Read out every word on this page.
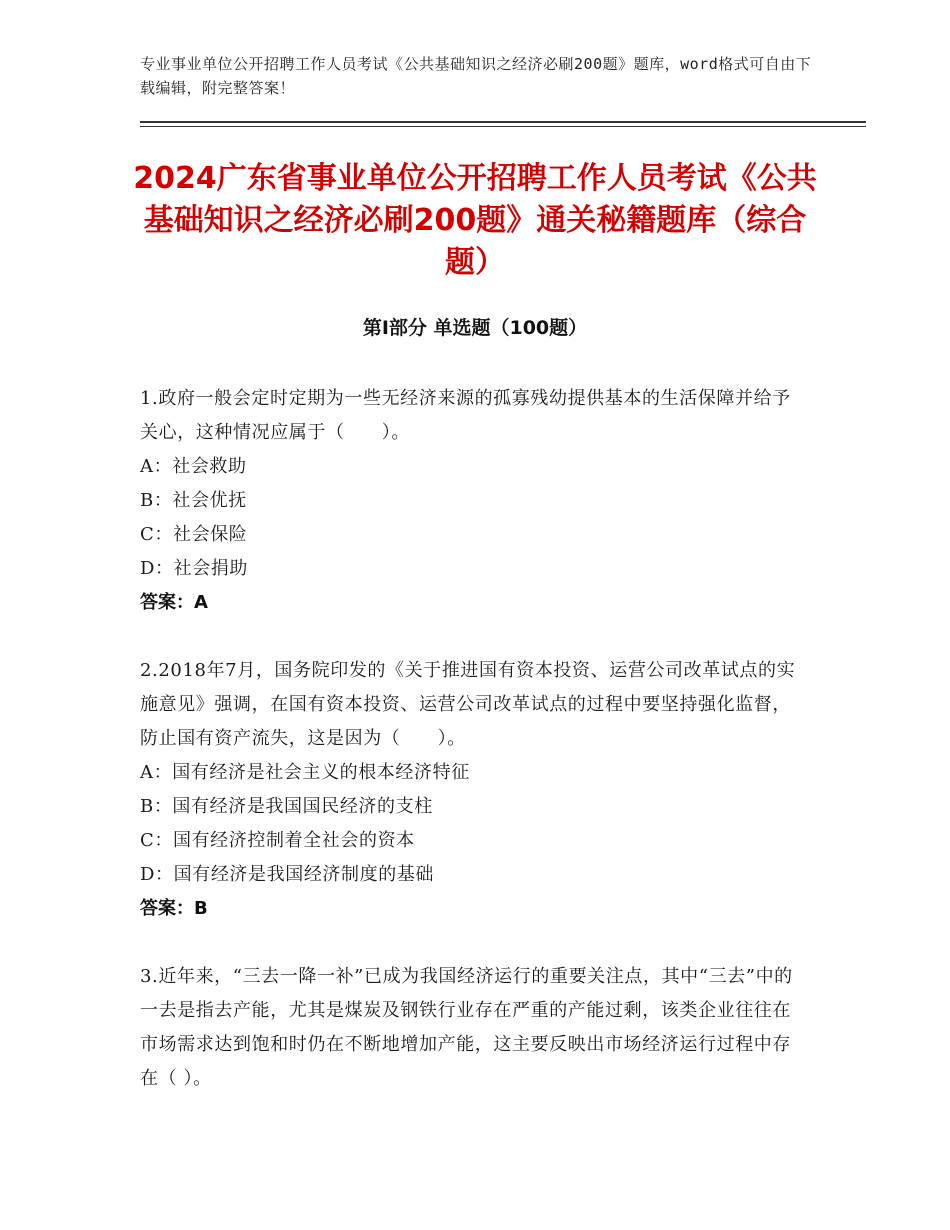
专业事业单位公开招聘工作人员考试《公共基础知识之经济必刷200题》题库，word格式可自由下载编辑，附完整答案！
2024广东省事业单位公开招聘工作人员考试《公共基础知识之经济必刷200题》通关秘籍题库（综合题）
第Ⅰ部分 单选题（100题）
1.政府一般会定时定期为一些无经济来源的孤寡残幼提供基本的生活保障并给予关心，这种情况应属于（　　）。
A：社会救助
B：社会优抚
C：社会保险
D：社会捐助
答案：A
2.2018年7月，国务院印发的《关于推进国有资本投资、运营公司改革试点的实施意见》强调，在国有资本投资、运营公司改革试点的过程中要坚持强化监督，防止国有资产流失，这是因为（　　）。
A：国有经济是社会主义的根本经济特征
B：国有经济是我国国民经济的支柱
C：国有经济控制着全社会的资本
D：国有经济是我国经济制度的基础
答案：B
3.近年来，“三去一降一补”已成为我国经济运行的重要关注点，其中“三去”中的一去是指去产能，尤其是煤炭及钢铁行业存在严重的产能过剩，该类企业往往在市场需求达到饱和时仍在不断地增加产能，这主要反映出市场经济运行过程中存在（ ）。
